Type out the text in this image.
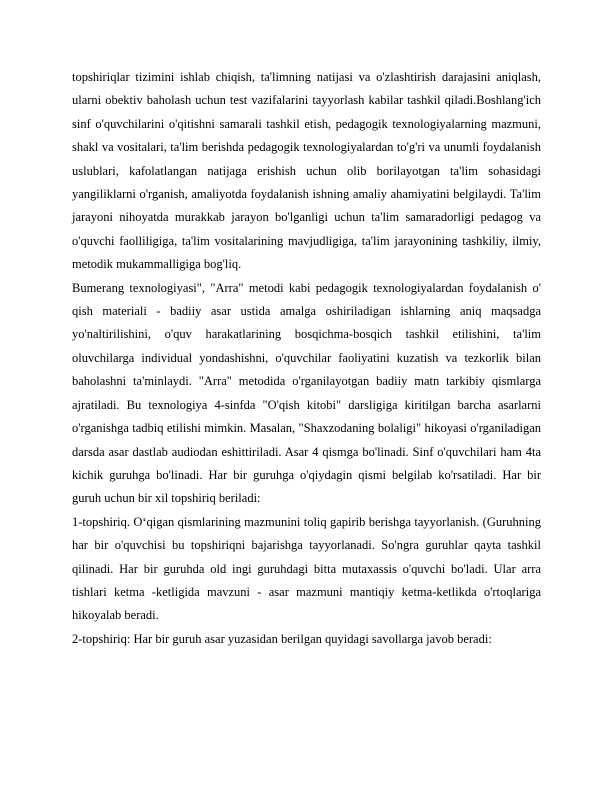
topshiriqlar tizimini ishlab chiqish, ta'limning natijasi va o'zlashtirish darajasini aniqlash, ularni obektiv baholash uchun test vazifalarini tayyorlash kabilar tashkil qiladi.Boshlang'ich sinf o'quvchilarini o'qitishni samarali tashkil etish, pedagogik texnologiyalarning mazmuni, shakl va vositalari, ta'lim berishda pedagogik texnologiyalardan to'g'ri va unumli foydalanish uslublari, kafolatlangan natijaga erishish uchun olib borilayotgan ta'lim sohasidagi yangiliklarni o'rganish, amaliyotda foydalanish ishning amaliy ahamiyatini belgilaydi. Ta'lim jarayoni nihoyatda murakkab jarayon bo'lganligi uchun ta'lim samaradorligi pedagog va o'quvchi faolliligiga, ta'lim vositalarining mavjudligiga, ta'lim jarayonining tashkiliy, ilmiy, metodik mukammalligiga bog'liq.

Bumerang texnologiyasi", "Arra" metodi kabi pedagogik texnologiyalardan foydalanish o' qish materiali - badiiy asar ustida amalga oshiriladigan ishlarning aniq maqsadga yo'naltirilishini, o'quv harakatlarining bosqichma-bosqich tashkil etilishini, ta'lim oluvchilarga individual yondashishni, o'quvchilar faoliyatini kuzatish va tezkorlik bilan baholashni ta'minlaydi. "Arra" metodida o'rganilayotgan badiiy matn tarkibiy qismlarga ajratiladi. Bu texnologiya 4-sinfda "O'qish kitobi" darsligiga kiritilgan barcha asarlarni o'rganishga tadbiq etilishi mimkin. Masalan, "Shaxzodaning bolaligi" hikoyasi o'rganiladigan darsda asar dastlab audiodan eshittiriladi. Asar 4 qismga bo'linadi. Sinf o'quvchilari ham 4ta kichik guruhga bo'linadi. Har bir guruhga o'qiydagin qismi belgilab ko'rsatiladi. Har bir guruh uchun bir xil topshiriq beriladi:

1-topshiriq. O‘qigan qismlarining mazmunini toliq gapirib berishga tayyorlanish. (Guruhning har bir o'quvchisi bu topshiriqni bajarishga tayyorlanadi. So'ngra guruhlar qayta tashkil qilinadi. Har bir guruhda old ingi guruhdagi bitta mutaxassis o'quvchi bo'ladi. Ular arra tishlari ketma -ketligida mavzuni - asar mazmuni mantiqiy ketma-ketlikda o'rtoqlariga hikoyalab beradi.

2-topshiriq: Har bir guruh asar yuzasidan berilgan quyidagi savollarga javob beradi:
